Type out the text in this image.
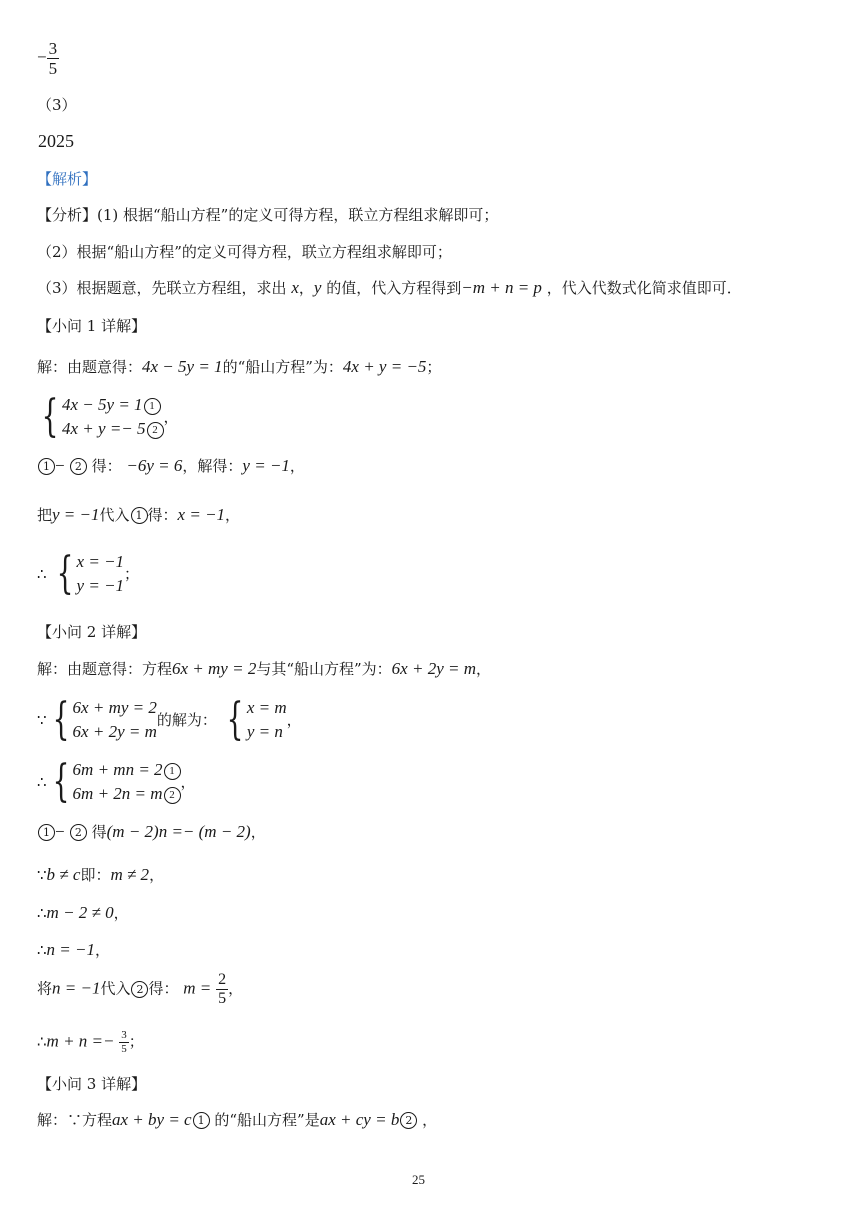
− $\frac{3}{5}$
（3）
2025
【解析】
【分析】(1) 根据“船山方程”的定义可得方程，联立方程组求解即可；
（2）根据“船山方程”的定义可得方程，联立方程组求解即可；
（3）根据题意，先联立方程组，求出 x，y 的值，代入方程得到−m + n = p ，代入代数式化简求值即可．
【小问 1 详解】
解：由题意得：4x − 5y = 1的“船山方程”为：4x + y = −5；
{ 4x − 5y = 1 1
4x + y =− 5 2
，
1 − 2 得： −6y = 6，解得：y = −1，
把y = −1代入 1 得：x = −1，
∴ { x = −1
y = −1
；
【小问 2 详解】
解：由题意得：方程6x + my = 2与其“船山方程”为：6x + 2y = m，
∵ { 6x + my = 2
6x + 2y = m
的解为： { x = m
y = n
，
∴ { 6m + mn = 2 1
6m + 2n = m 2
，
1 − 2 得(m − 2)n =− (m − 2)，
∵b ≠ c即：m ≠ 2，
∴m − 2 ≠ 0，
∴n = −1，
将n = −1代入 2 得： $m = \frac{2}{5}$ ，
∴m + $n =- \frac{3}{5}$ ；
【小问 3 详解】
解：∵方程ax + by = c 1 的“船山方程”是ax + cy = b 2 ，
25
